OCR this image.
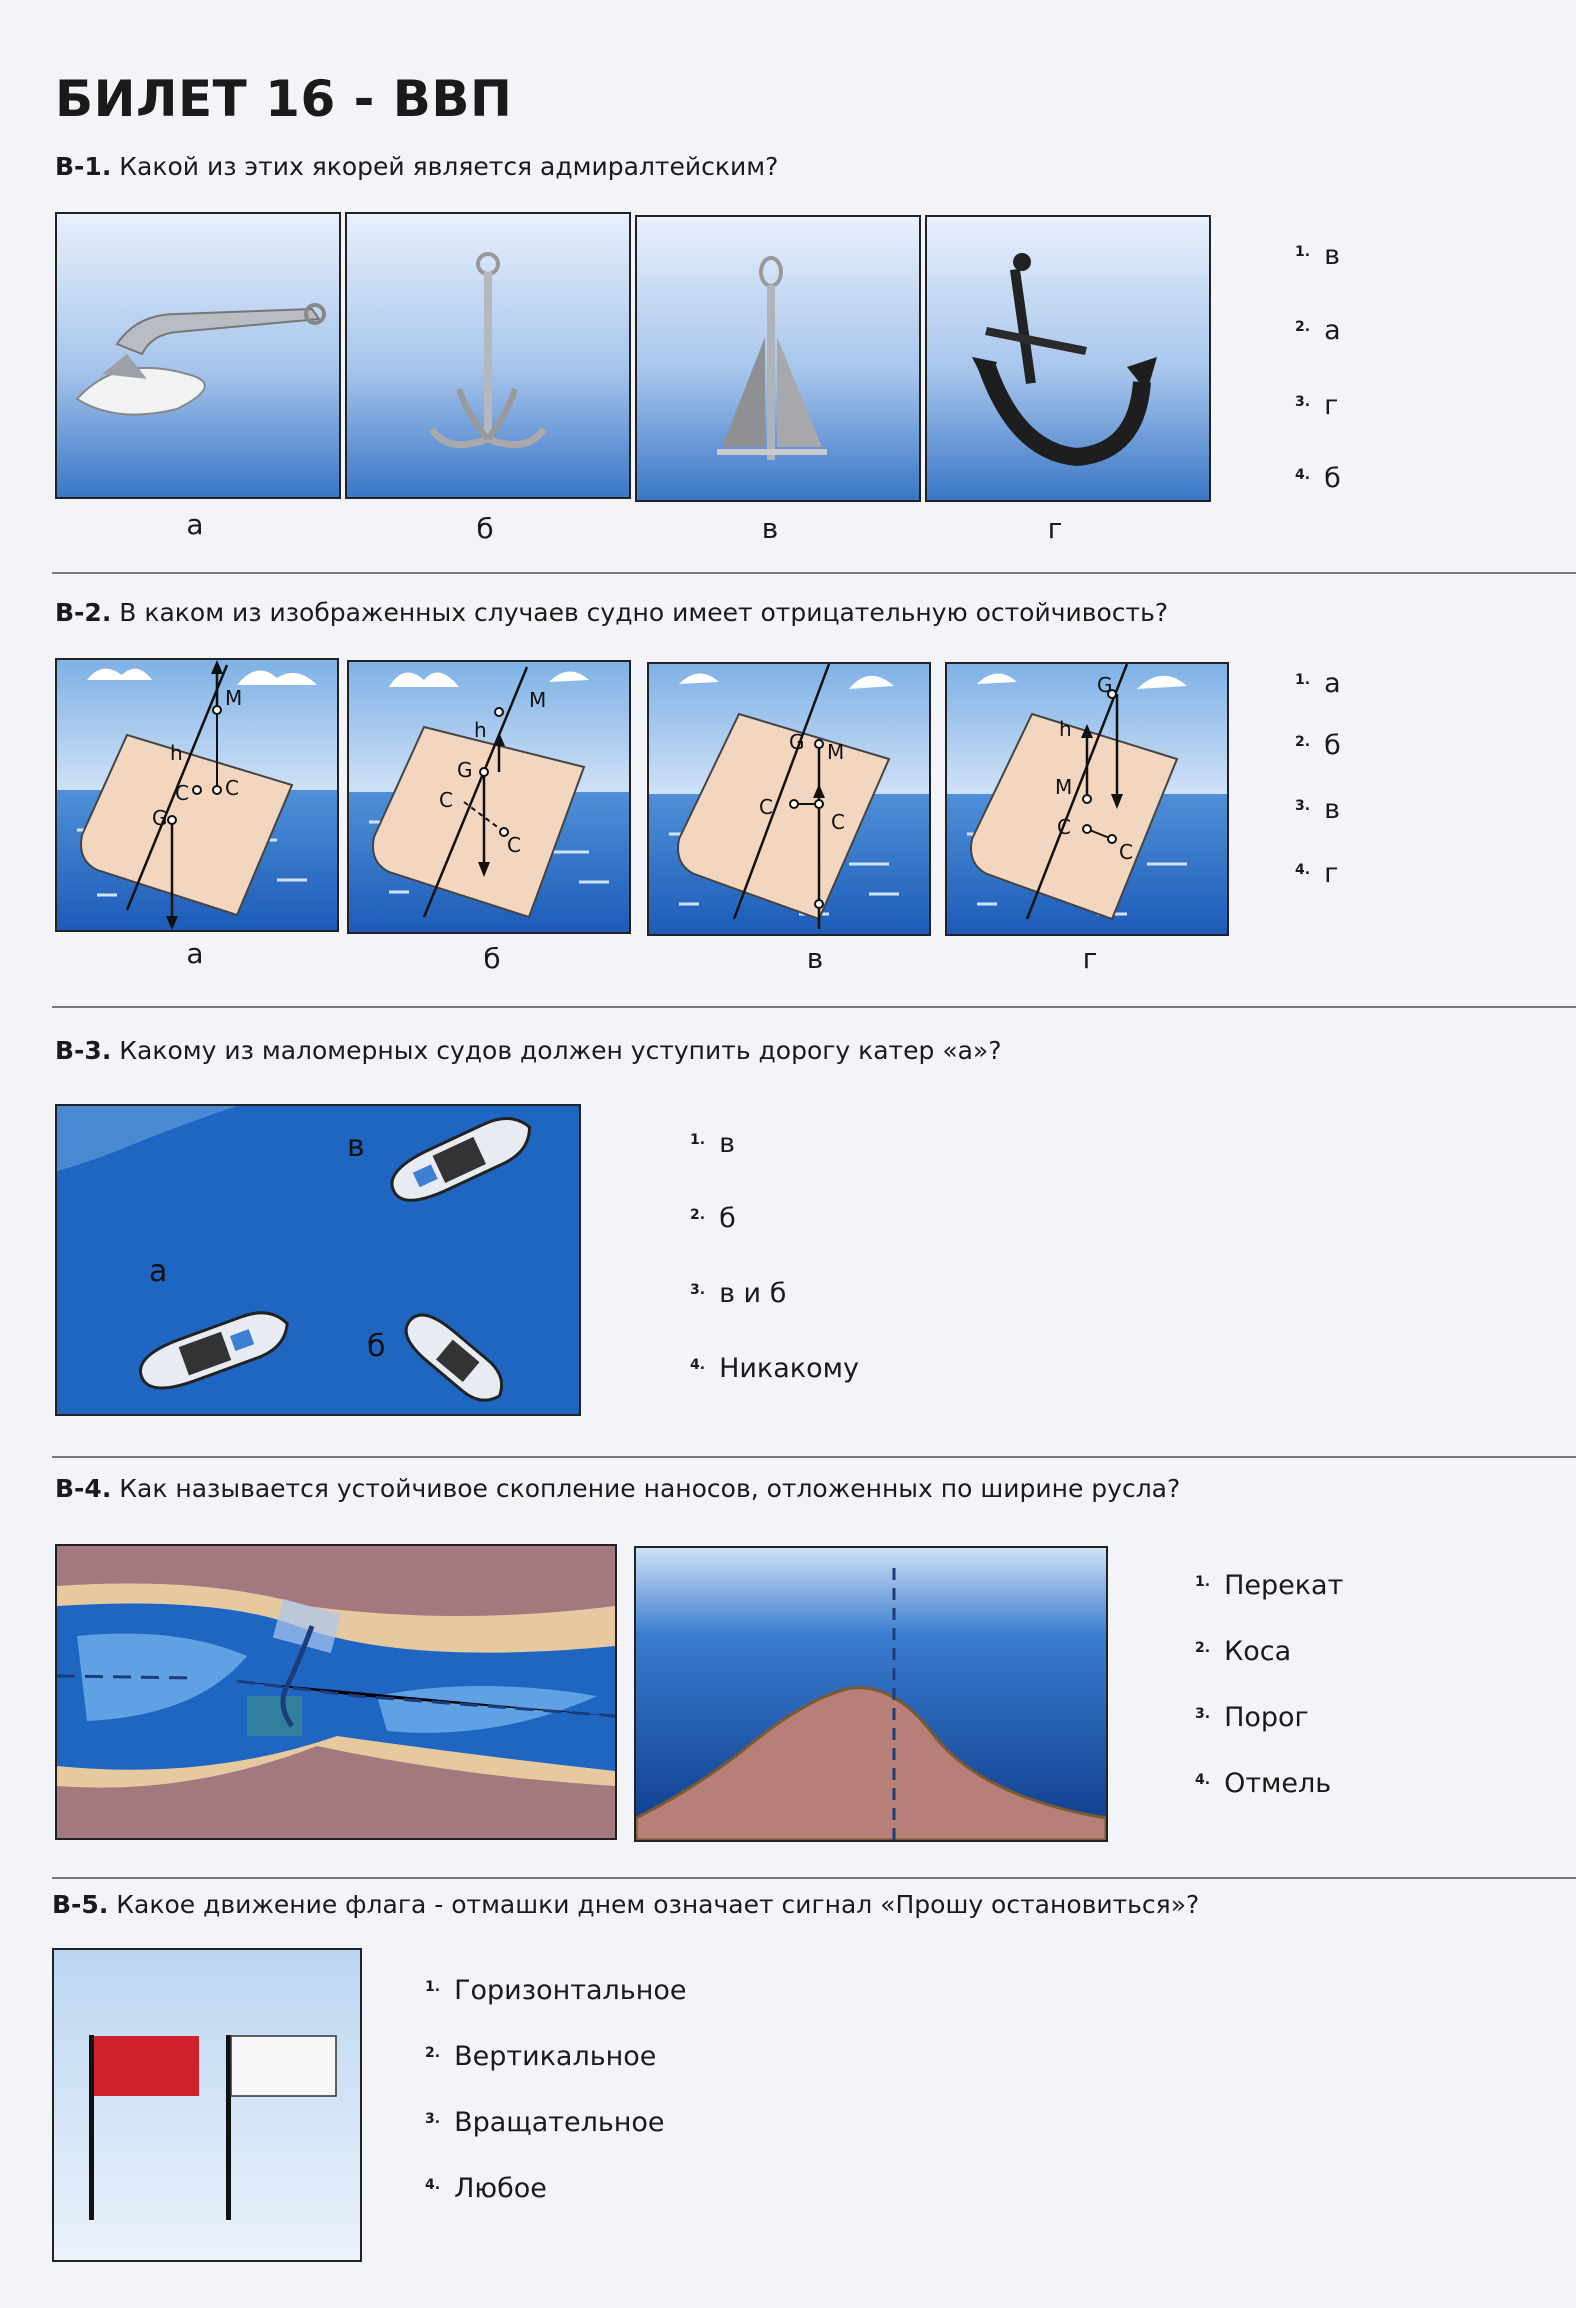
БИЛЕТ 16 - ВВП
В-1. Какой из этих якорей является адмиралтейским?
а	б	в	г
$^{1.}$ в
$^{2.}$ а
$^{3.}$ г
$^{4.}$ б
В-2. В каком из изображенных случаев судно имеет отрицательную остойчивость?
M
G
h
C C
M
G
h
C
C
G M
C
C
G
h
M
C
C
а	б	в	г
$^{1.}$ а
$^{2.}$ б
$^{3.}$ в
$^{4.}$ г
В-3. Какому из маломерных судов должен уступить дорогу катер «а»?
в
а
б
$^{1.}$ в
$^{2.}$ б
$^{3.}$ в и б
$^{4.}$ Никакому
В-4. Как называется устойчивое скопление наносов, отложенных по ширине русла?
$^{1.}$ Перекат
$^{2.}$ Коса
$^{3.}$ Порог
$^{4.}$ Отмель
В-5. Какое движение флага - отмашки днем означает сигнал «Прошу остановиться»?
$^{1.}$ Горизонтальное
$^{2.}$ Вертикальное
$^{3.}$ Вращательное
$^{4.}$ Любое
